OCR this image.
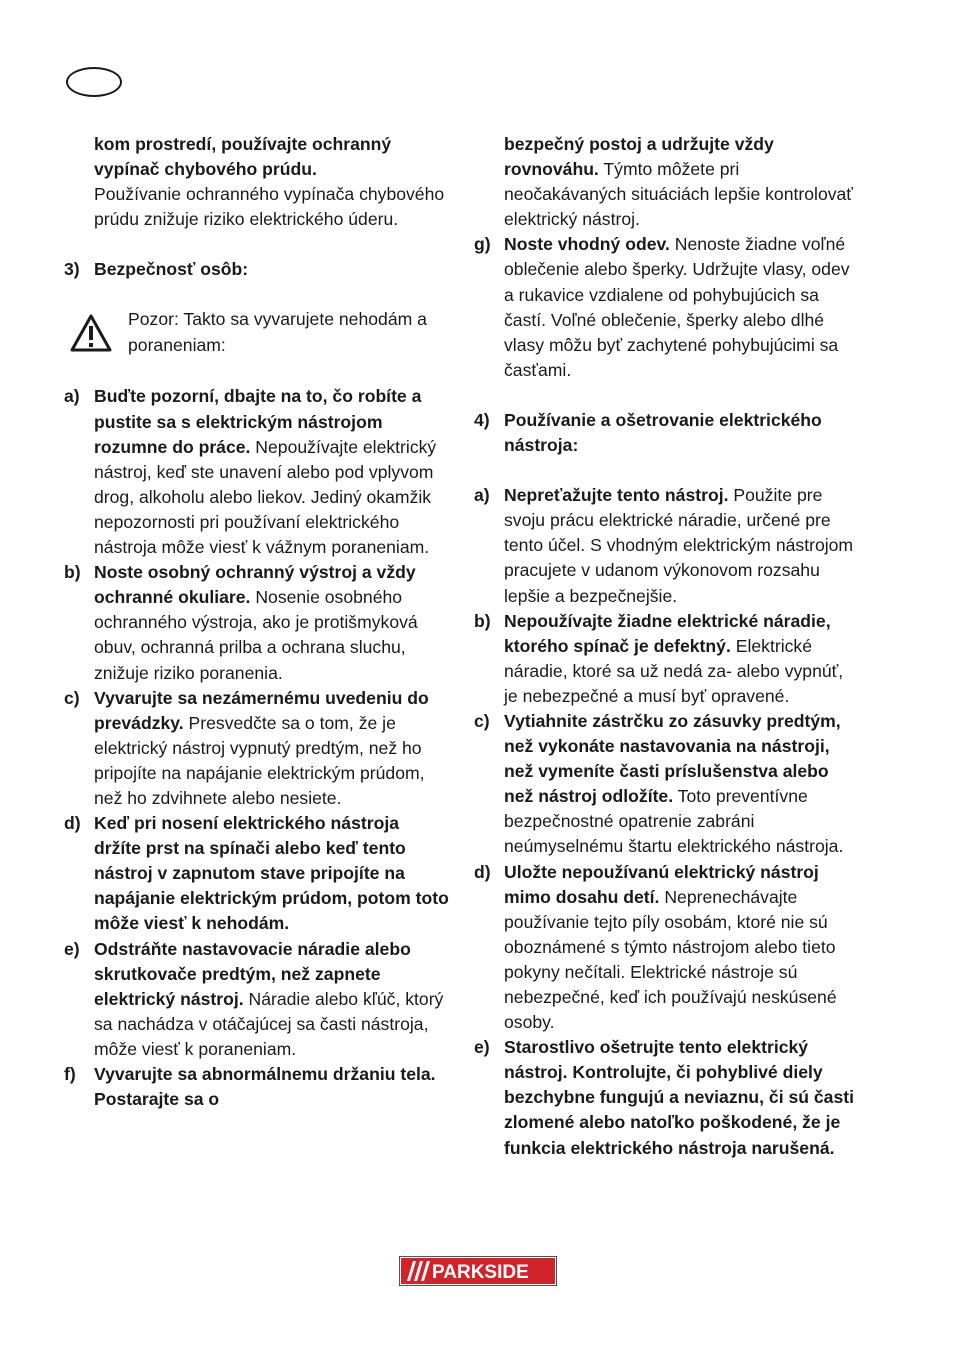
kom prostredí, používajte ochranný vypínač chybového prúdu.
Používanie ochranného vypínača chybového prúdu znižuje riziko elektrického úderu.

3) Bezpečnosť osôb:

Pozor: Takto sa vyvarujete nehodám a poraneniam:

a) Buďte pozorní, dbajte na to, čo robíte a pustite sa s elektrickým nástrojom rozumne do práce. Nepoužívajte elektrický nástroj, keď ste unavení alebo pod vplyvom drog, alkoholu alebo liekov. Jediný okamžik nepozornosti pri používaní elektrického nástroja môže viesť k vážnym poraneniam.

b) Noste osobný ochranný výstroj a vždy ochranné okuliare. Nosenie osobného ochranného výstroja, ako je protišmyková obuv, ochranná prilba a ochrana sluchu, znižuje riziko poranenia.

c) Vyvarujte sa nezámernému uvedeniu do prevádzky. Presvedčte sa o tom, že je elektrický nástroj vypnutý predtým, než ho pripojíte na napájanie elektrickým prúdom, než ho zdvihnete alebo nesiete.

d) Keď pri nosení elektrického nástroja držíte prst na spínači alebo keď tento nástroj v zapnutom stave pripojíte na napájanie elektrickým prúdom, potom toto môže viesť k nehodám.

e) Odstráňte nastavovacie náradie alebo skrutkovače predtým, než zapnete elektrický nástroj. Náradie alebo kľúč, ktorý sa nachádza v otáčajúcej sa časti nástroja, môže viesť k poraneniam.

f) Vyvarujte sa abnormálnemu držaniu tela. Postarajte sa o

bezpečný postoj a udržujte vždy rovnováhu. Týmto môžete pri neočakávaných situáciách lepšie kontrolovať elektrický nástroj.

g) Noste vhodný odev. Nenoste žiadne voľné oblečenie alebo šperky. Udržujte vlasy, odev a rukavice vzdialene od pohybujúcich sa častí. Voľné oblečenie, šperky alebo dlhé vlasy môžu byť zachytené pohybujúcimi sa časťami.

4) Používanie a ošetrovanie elektrického nástroja:

a) Nepreťažujte tento nástroj. Použite pre svoju prácu elektrické náradie, určené pre tento účel. S vhodným elektrickým nástrojom pracujete v udanom výkonovom rozsahu lepšie a bezpečnejšie.

b) Nepoužívajte žiadne elektrické náradie, ktorého spínač je defektný. Elektrické náradie, ktoré sa už nedá za- alebo vypnúť, je nebezpečné a musí byť opravené.

c) Vytiahnite zástrčku zo zásuvky predtým, než vykonáte nastavovania na nástroji, než vymeníte časti príslušenstva alebo než nástroj odložíte. Toto preventívne bezpečnostné opatrenie zabráni neúmyselnému štartu elektrického nástroja.

d) Uložte nepoužívanú elektrický nástroj mimo dosahu detí. Neprenechávajte používanie tejto píly osobám, ktoré nie sú oboznámené s týmto nástrojom alebo tieto pokyny nečítali. Elektrické nástroje sú nebezpečné, keď ich používajú neskúsené osoby.

e) Starostlivo ošetrujte tento elektrický nástroj. Kontrolujte, či pohyblivé diely bezchybne fungujú a neviaznu, či sú časti zlomené alebo natoľko poškodené, že je funkcia elektrického nástroja narušená.

PARKSIDE
